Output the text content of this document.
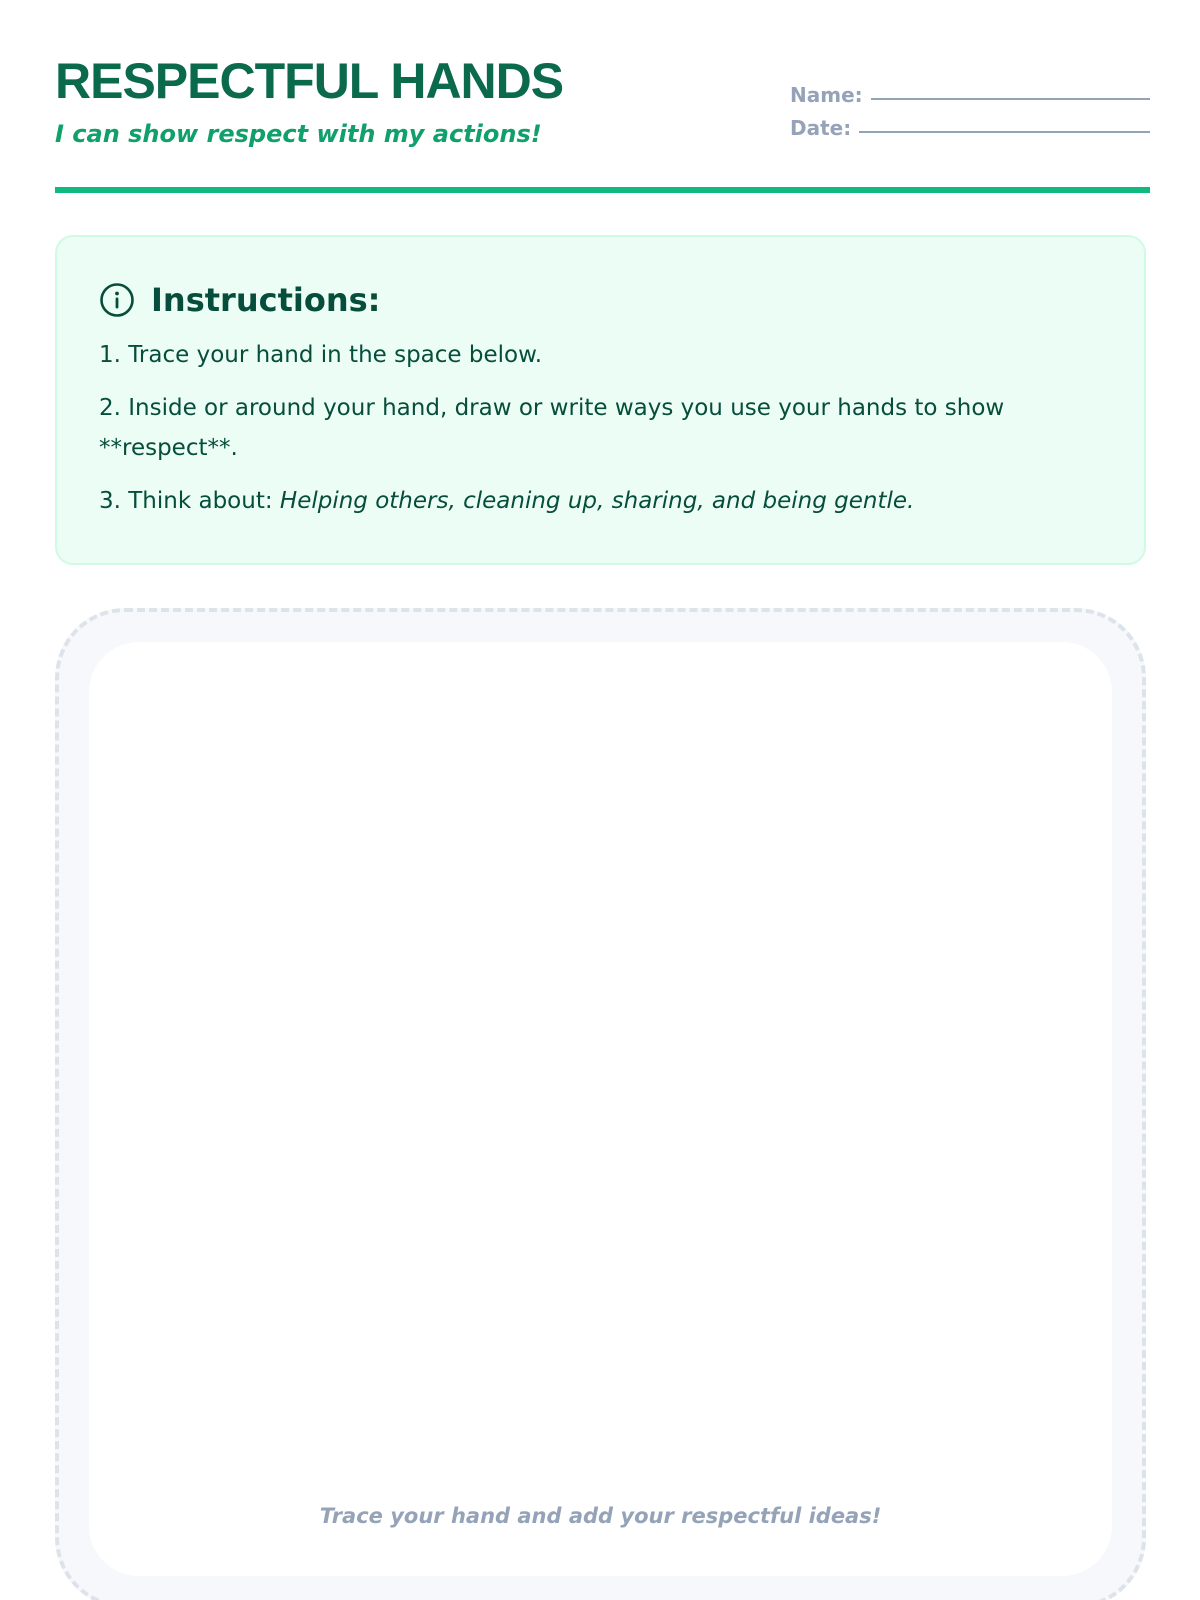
RESPECTFUL HANDS

I can show respect with my actions!

Name:
Date:
Instructions:
1. Trace your hand in the space below.
2. Inside or around your hand, draw or write ways you use your hands to show **respect**.
3. Think about: Helping others, cleaning up, sharing, and being gentle.
Trace your hand and add your respectful ideas!
